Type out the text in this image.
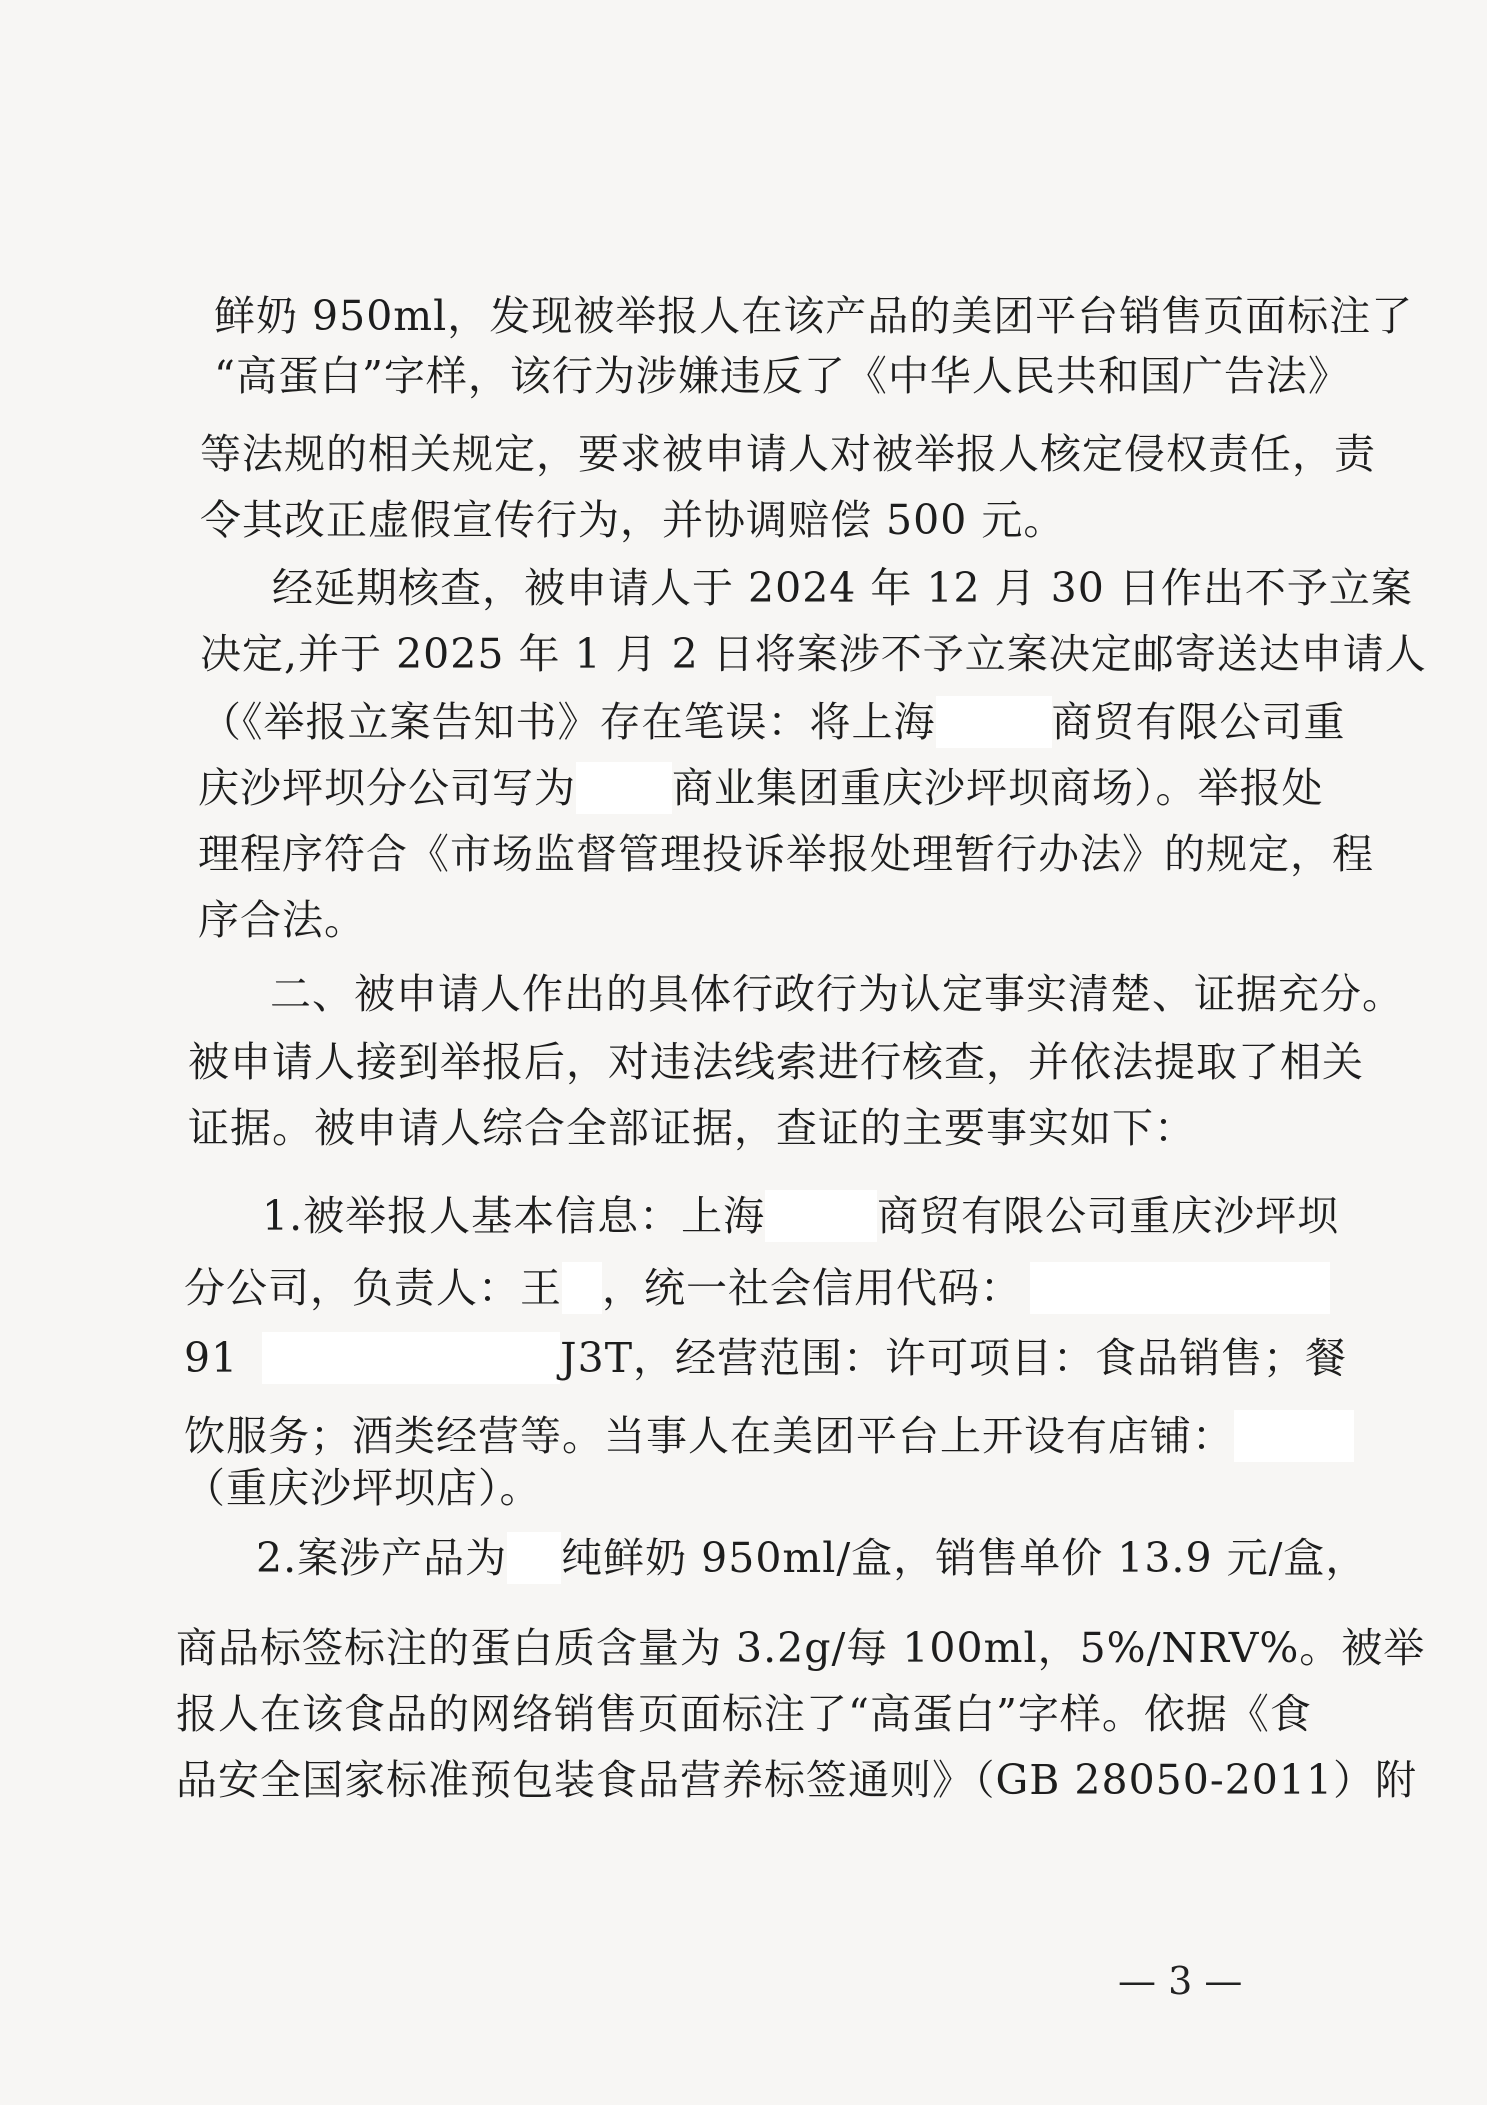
鲜奶 950ml，发现被举报人在该产品的美团平台销售页面标注了
“高蛋白”字样，该行为涉嫌违反了《中华人民共和国广告法》
等法规的相关规定，要求被申请人对被举报人核定侵权责任，责
令其改正虚假宣传行为，并协调赔偿 500 元。
经延期核查，被申请人于 2024 年 12 月 30 日作出不予立案
决定,并于 2025 年 1 月 2 日将案涉不予立案决定邮寄送达申请人
（《举报立案告知书》存在笔误：将上海	商贸有限公司重
庆沙坪坝分公司写为 商业集团重庆沙坪坝商场）。举报处
理程序符合《市场监督管理投诉举报处理暂行办法》的规定，程
序合法。
二、被申请人作出的具体行政行为认定事实清楚、证据充分。
被申请人接到举报后，对违法线索进行核查，并依法提取了相关
证据。被申请人综合全部证据，查证的主要事实如下：
1.被举报人基本信息：上海	商贸有限公司重庆沙坪坝
分公司，负责人：王 ，统一社会信用代码：
91	J3T，经营范围：许可项目：食品销售；餐
饮服务；酒类经营等。当事人在美团平台上开设有店铺：
（重庆沙坪坝店）。
2.案涉产品为 纯鲜奶 950ml/盒，销售单价 13.9 元/盒，
商品标签标注的蛋白质含量为 3.2g/每 100ml，5%/NRV%。被举
报人在该食品的网络销售页面标注了“高蛋白”字样。依据《食
品安全国家标准预包装食品营养标签通则》（GB 28050-2011）附
— 3 —
